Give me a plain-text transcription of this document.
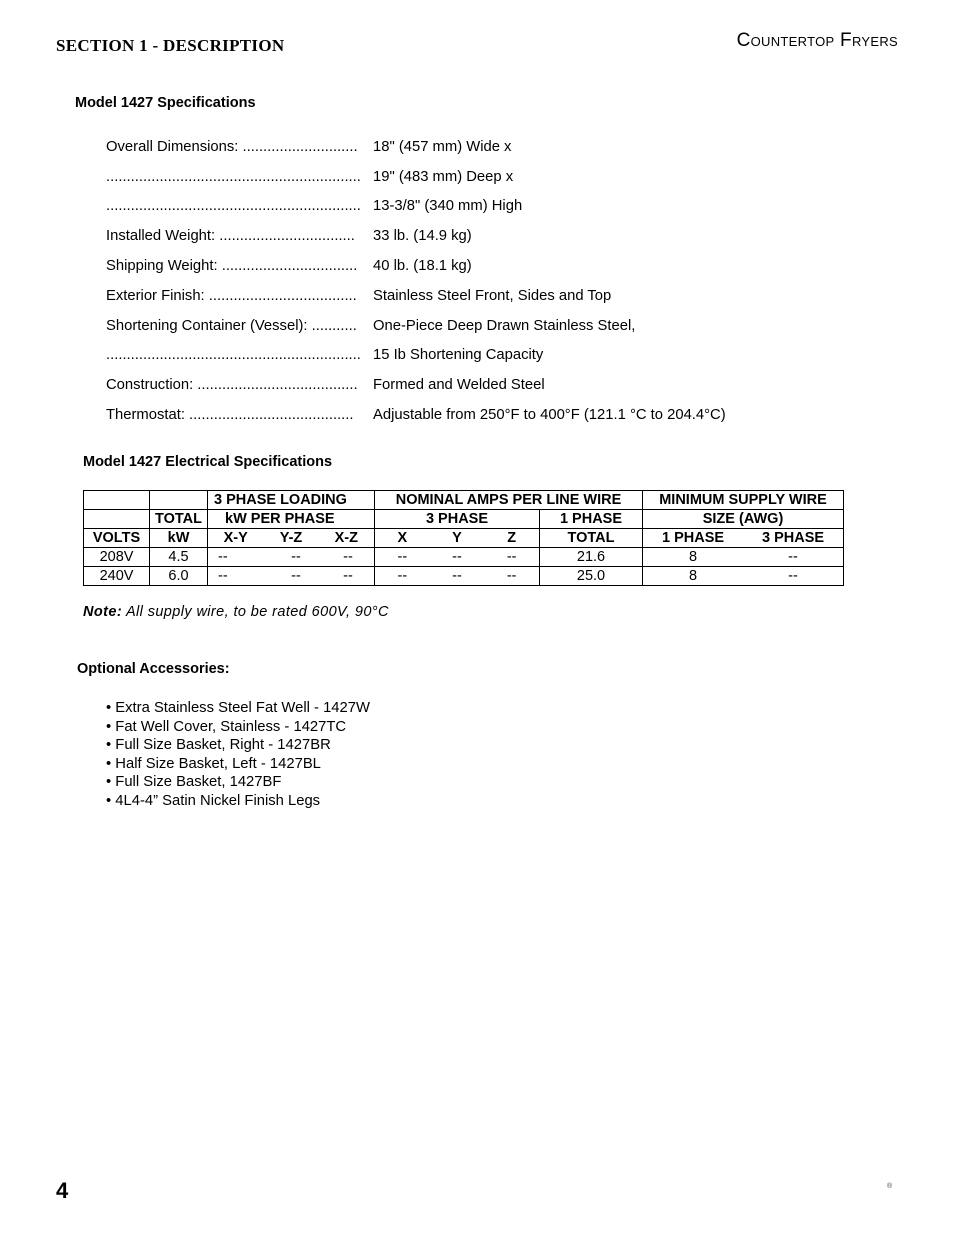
SECTION 1 - DESCRIPTION	Countertop Fryers
Model 1427 Specifications
Overall Dimensions: ............................	18" (457 mm) Wide x
.............................................................. 19" (483 mm) Deep x
.............................................................. 13-3/8" (340 mm) High
Installed Weight: .................................	33 lb. (14.9 kg)
Shipping Weight: .................................	40 lb. (18.1 kg)
Exterior Finish: ....................................	Stainless Steel Front, Sides and Top
Shortening Container (Vessel): ...........	One-Piece Deep Drawn Stainless Steel,
.............................................................. 15 Ib Shortening Capacity
Construction: .......................................	Formed and Welded Steel
Thermostat: ........................................	Adjustable from 250°F to 400°F (121.1 °C to 204.4°C)
Model 1427 Electrical Specifications
		3 PHASE LOADING	NOMINAL AMPS PER LINE WIRE		MINIMUM SUPPLY WIRE
	TOTAL	kW PER PHASE	3 PHASE	1 PHASE	SIZE (AWG)
VOLTS	kW	X-Y Y-Z X-Z	X Y Z	TOTAL	1 PHASE 3 PHASE

208V	4.5	-- -- --	-- -- --	21.6	8 --

240V	6.0	-- -- --	-- -- --	25.0	8 --
Note: All supply wire, to be rated 600V, 90°C
Optional Accessories:
• Extra Stainless Steel Fat Well - 1427W
• Fat Well Cover, Stainless - 1427TC
• Full Size Basket, Right - 1427BR
• Half Size Basket, Left - 1427BL
• Full Size Basket, 1427BF
• 4L4-4” Satin Nickel Finish Legs
4	®
